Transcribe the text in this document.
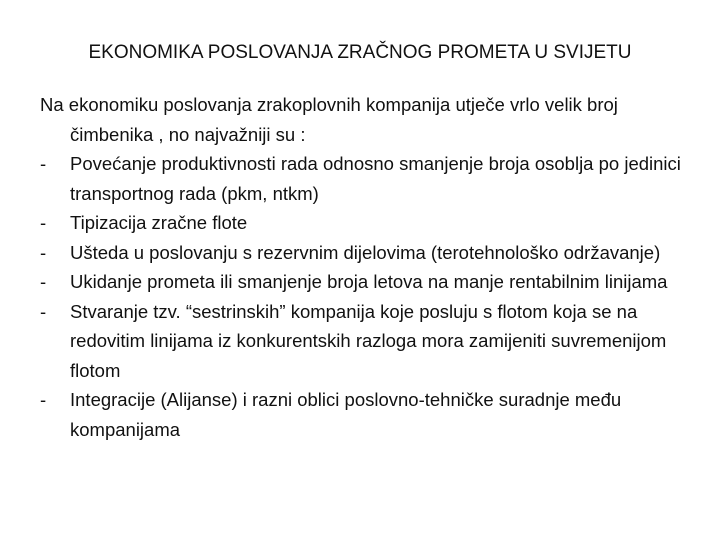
EKONOMIKA POSLOVANJA ZRAČNOG PROMETA U SVIJETU

Na ekonomiku poslovanja zrakoplovnih kompanija utječe vrlo velik broj čimbenika , no najvažniji su :

-	Povećanje produktivnosti rada odnosno smanjenje broja osoblja po jedinici transportnog rada (pkm, ntkm)
-	Tipizacija zračne flote
-	Ušteda u poslovanju s rezervnim dijelovima (terotehnološko održavanje)
-	Ukidanje prometa ili smanjenje broja letova na manje rentabilnim linijama
-	Stvaranje tzv. “sestrinskih” kompanija koje posluju s flotom koja se na redovitim linijama iz konkurentskih razloga mora zamijeniti suvremenijom flotom
-	Integracije (Alijanse) i razni oblici poslovno-tehničke suradnje među kompanijama
